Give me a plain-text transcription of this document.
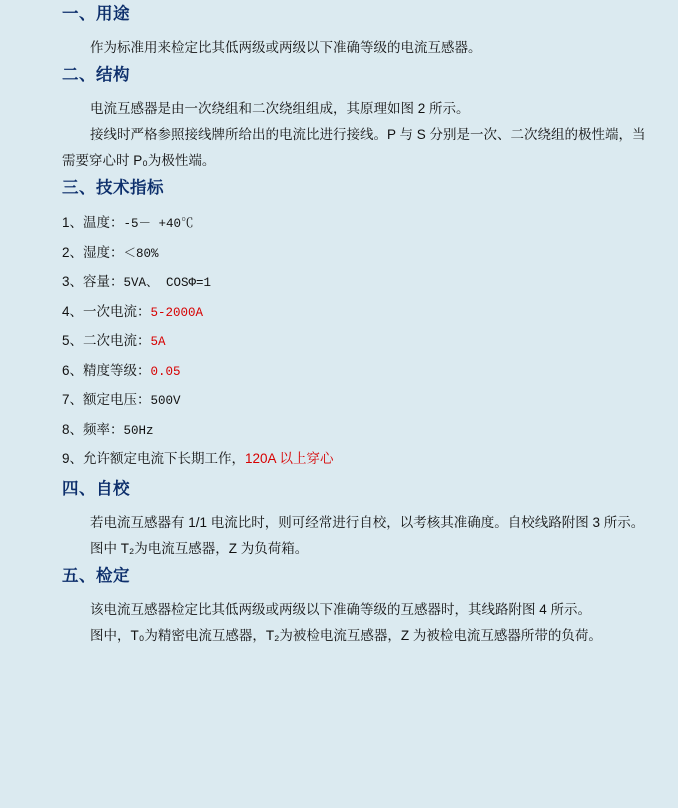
一、用途

作为标准用来检定比其低两级或两级以下准确等级的电流互感器。

二、结构

电流互感器是由一次绕组和二次绕组组成，其原理如图 2 所示。

接线时严格参照接线牌所给出的电流比进行接线。P 与 S 分别是一次、二次绕组的极性端，当需要穿心时 P₀为极性端。

三、技术指标
1、温度：-5－ +40℃
2、湿度：＜80%
3、容量：5VA、 COSΦ=1
4、一次电流：5-2000A
5、二次电流：5A
6、精度等级：0.05
7、额定电压：500V
8、频率：50Hz
9、允许额定电流下长期工作，120A 以上穿心
四、自校

若电流互感器有 1/1 电流比时，则可经常进行自校，以考核其准确度。自校线路附图 3 所示。

图中 T₂为电流互感器，Z 为负荷箱。

五、检定

该电流互感器检定比其低两级或两级以下准确等级的互感器时，其线路附图 4 所示。

图中，T₀为精密电流互感器，T₂为被检电流互感器，Z 为被检电流互感器所带的负荷。
